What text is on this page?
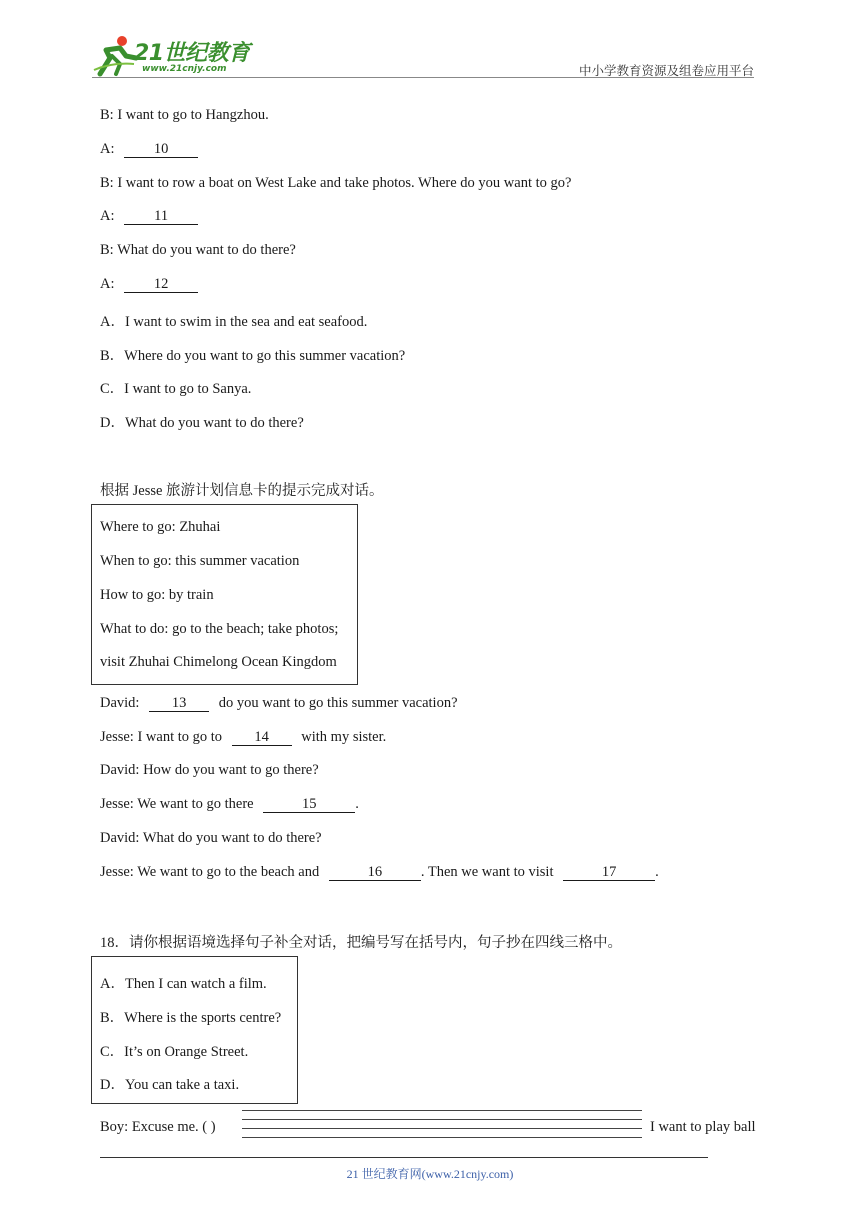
21世纪教育
www.21cnjy.com	中小学教育资源及组卷应用平台
B: I want to go to Hangzhou.
A:	10
B: I want to row a boat on West Lake and take photos. Where do you want to go?
A:	11
B: What do you want to do there?
A:	12
A．I want to swim in the sea and eat seafood.
B．Where do you want to go this summer vacation?
C．I want to go to Sanya.
D．What do you want to do there?
根据 Jesse 旅游计划信息卡的提示完成对话。
Where to go: Zhuhai
When to go: this summer vacation
How to go: by train
What to do: go to the beach; take photos;
visit Zhuhai Chimelong Ocean Kingdom
David: 13 do you want to go this summer vacation?
Jesse: I want to go to 14 with my sister.
David: How do you want to go there?
Jesse: We want to go there	15	.
David: What do you want to do there?
Jesse: We want to go to the beach and	16	. Then we want to visit	17	.
18．请你根据语境选择句子补全对话，把编号写在括号内，句子抄在四线三格中。
A．Then I can watch a film.
B．Where is the sports centre?
C．It’s on Orange Street.
D．You can take a taxi.
Boy: Excuse me. ( )	I want to play ball
21 世纪教育网(www.21cnjy.com)
